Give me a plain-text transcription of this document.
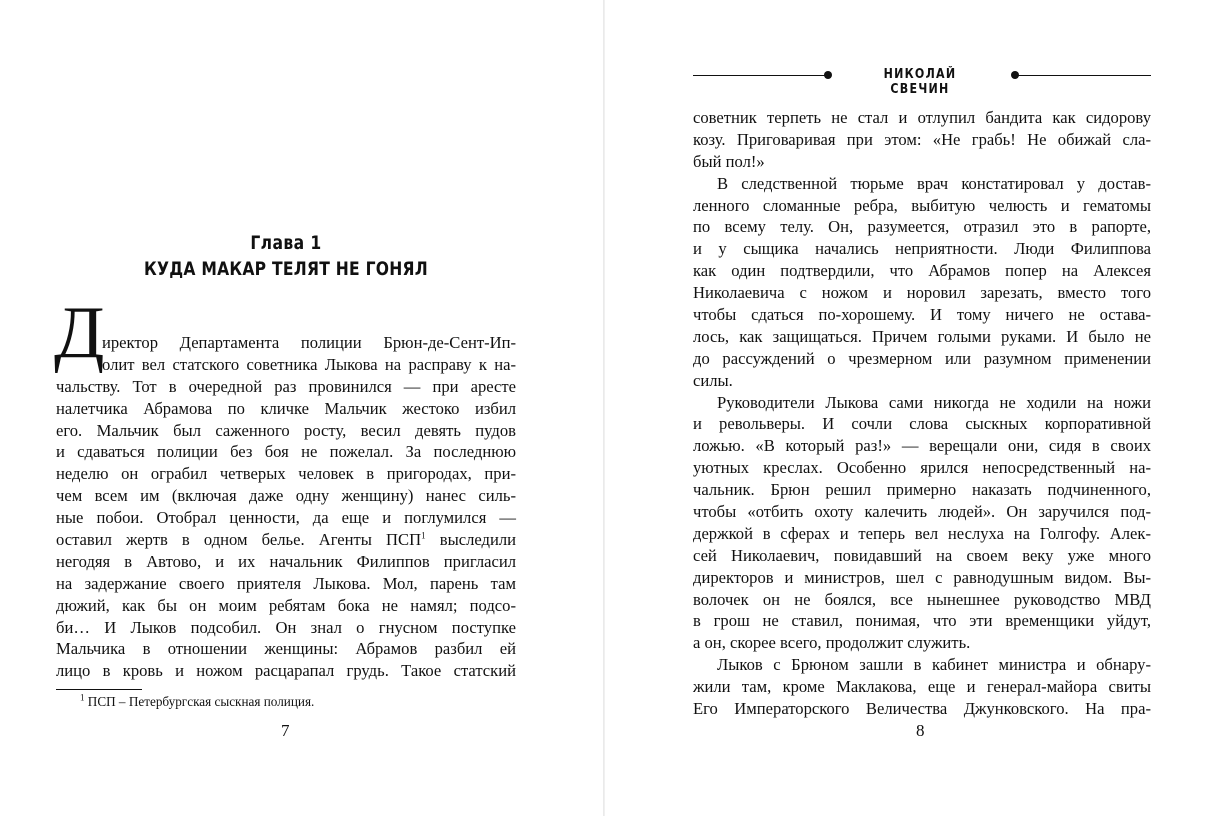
Глава 1
КУДА МАКАР ТЕЛЯТ НЕ ГОНЯЛ
Д
иректор Департамента полиции Брюн-де-Сент-Ип-
олит вел статского советника Лыкова на расправу к на-
чальству. Тот в очередной раз провинился — при аресте
налетчика Абрамова по кличке Мальчик жестоко избил
его. Мальчик был саженного росту, весил девять пудов
и сдаваться полиции без боя не пожелал. За последнюю
неделю он ограбил четверых человек в пригородах, при-
чем всем им (включая даже одну женщину) нанес силь-
ные побои. Отобрал ценности, да еще и поглумился —
оставил жертв в одном белье. Агенты ПСП$^1$ выследили
негодяя в Автово, и их начальник Филиппов пригласил
на задержание своего приятеля Лыкова. Мол, парень там
дюжий, как бы он моим ребятам бока не намял; подсо-
би… И Лыков подсобил. Он знал о гнусном поступке
Мальчика в отношении женщины: Абрамов разбил ей
лицо в кровь и ножом расцарапал грудь. Такое статский
$^1$ ПСП – Петербургская сыскная полиция.
7
НИКОЛАЙ СВЕЧИН
советник терпеть не стал и отлупил бандита как сидорову
козу. Приговаривая при этом: «Не грабь! Не обижай сла-
бый пол!»
В следственной тюрьме врач констатировал у достав-
ленного сломанные ребра, выбитую челюсть и гематомы
по всему телу. Он, разумеется, отразил это в рапорте,
и у сыщика начались неприятности. Люди Филиппова
как один подтвердили, что Абрамов попер на Алексея
Николаевича с ножом и норовил зарезать, вместо того
чтобы сдаться по-хорошему. И тому ничего не остава-
лось, как защищаться. Причем голыми руками. И было не
до рассуждений о чрезмерном или разумном применении
силы.
Руководители Лыкова сами никогда не ходили на ножи
и револьверы. И сочли слова сыскных корпоративной
ложью. «В который раз!» — верещали они, сидя в своих
уютных креслах. Особенно ярился непосредственный на-
чальник. Брюн решил примерно наказать подчиненного,
чтобы «отбить охоту калечить людей». Он заручился под-
держкой в сферах и теперь вел неслуха на Голгофу. Алек-
сей Николаевич, повидавший на своем веку уже много
директоров и министров, шел с равнодушным видом. Вы-
волочек он не боялся, все нынешнее руководство МВД
в грош не ставил, понимая, что эти временщики уйдут,
а он, скорее всего, продолжит служить.
Лыков с Брюном зашли в кабинет министра и обнару-
жили там, кроме Маклакова, еще и генерал-майора свиты
Его Императорского Величества Джунковского. На пра-
8
